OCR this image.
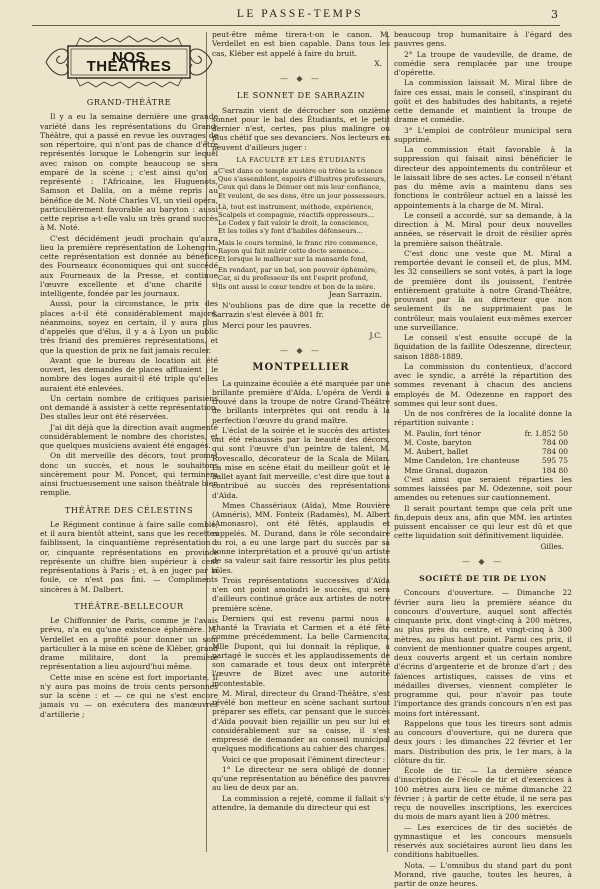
LE PASSE-TEMPS	3
NOS THÉÂTRES
GRAND-THÉÂTRE

Il y a eu la semaine dernière une grande variété dans les représentations du Grand-Théâtre, qui a passé en revue les ouvrages de son répertoire, qui n'ont pas de chance d'être représentés lorsque le Lohengrin sur lequel avec raison on compte beaucoup se sera emparé de la scène ; c'est ainsi qu'on a représenté : l'Africaine, les Huguenots, Samson et Dalila, on a même repris au bénéfice de M. Noté Charles VI, un vieil opéra, particulièrement favorable au baryton : aussi cette reprise a-t-elle valu un très grand succès à M. Noté.

C'est décidément jeudi prochain qu'aura lieu la première représentation de Lohengrin, cette représentation est donnée au bénéfice des Fourneaux économiques qui ont succédé aux Fourneaux de la Presse, et continue l'œuvre excellente et d'une charité si intelligente, fondée par les journaux.

Aussi, pour la circonstance, le prix des places a-t-il été considérablement majoré, néanmoins, soyez en certain, il y aura plus d'appelés que d'élus, il y a à Lyon un public très friand des premières représentations, et que la question de prix ne fait jamais reculer.

Avant que le bureau de location ait été ouvert, les demandes de places affluaient ; le nombre des loges aurait-il été triple qu'elles auraient été enlevées.

Un certain nombre de critiques parisiens ont demandé à assister à cette représentation. Des stalles leur ont été réservées.

J'ai dit déjà que la direction avait augmenté considérablement le nombre des choristes, et que quelques musiciens avaient été engagés.

On dit merveille des décors, tout promet donc un succès, et nous le souhaitons sincèrement pour M. Poncet, qui terminera ainsi fructueusement une saison théâtrale bien remplie.

THÉÂTRE DES CÉLESTINS

Le Régiment continue à faire salle comble, et il aura bientôt atteint, sans que les recettes faiblissent, la cinquantième représentation : or, cinquante représentations en province représente un chiffre bien supérieur à cent représentations à Paris ; et, à en juger par la foule, ce n'est pas fini. — Compliments sincères à M. Dalbert.

THÉÂTRE-BELLECOUR

Le Chiffonnier de Paris, comme je l'avais prévu, n'a eu qu'une existence éphémère. M. Verdellet en a profité pour donner un soin particulier à la mise en scène de Kléber, grand drame militaire, dont la première représentation a lieu aujourd'hui même.

Cette mise en scène est fort importante. Il n'y aura pas moins de trois cents personnes sur la scène : et — ce qui ne s'est encore jamais vu — on exécutera des manœuvres d'artillerie ;

peut-être même tirera-t-on le canon. M. Verdellet en est bien capable. Dans tous les cas, Kléber est appelé à faire du bruit.

X.
— ◆ —
LE SONNET DE SARRAZIN

Sarrazin vient de décrocher son onzième sonnet pour le bal des Étudiants, et le petit dernier n'est, certes, pas plus malingre ou plus chétif que ses devanciers. Nos lecteurs en peuvent d'ailleurs juger :

LA FACULTÉ ET LES ÉTUDIANTS
C'est dans ce temple austère où trône la science
Que s'assemblent, espoirs d'illustres professeurs,
Ceux qui dans le Dénuer ont mis leur confiance,
Et veulent, de ses dons, être un jour possesseurs.
Là, tout est instrument, méthode, expérience,
Scalpels et compagnie, réactifs oppresseurs...
Le Codex y fait valoir le droit, la conscience,
Et les toiles s'y font d'habiles défenseurs...
Mais le cours terminé, le franc rire commence,
Rayon qui fait mûrir cette docte semence...
Et lorsque le malheur sur la mansarde fond,
En rendant, par un bal, son pouvoir éphémère,
Car, si du professeur ils ont l'esprit profond,
Ils ont aussi le cœur tendre et bon de la mère.
Jean Sarrazin.

N'oublions pas de dire que la recette de Sarrazin s'est élevée à 801 fr.

Merci pour les pauvres.

J.C.
— ◆ —
MONTPELLIER

La quinzaine écoulée a été marquée par une brillante première d'Aïda. L'opéra de Verdi a trouvé dans la troupe de notre Grand-Théâtre de brillants interprètes qui ont rendu à la perfection l'œuvre du grand maître.

L'éclat de la soirée et le succès des artistes ont été rehaussés par la beauté des décors, qui sont l'œuvre d'un peintre de talent, M. Rovescallo, décorateur de la Scala de Milan. La mise en scène était du meilleur goût et le ballet ayant fait merveille, c'est dire que tout a contribué au succès des représentations d'Aïda.

Mmes Chassériaux (Aïda), Mme Rouvière (Amnéris), MM. Fonteix (Radamès), M. Albert (Amonasro), ont été fêtés, applaudis et rappelés. M. Durand, dans le rôle secondaire du roi, a eu une large part du succès par sa bonne interprétation et a prouvé qu'un artiste de sa valeur sait faire ressortir les plus petits rôles.

Trois représentations successives d'Aïda n'en ont point amoindri le succès, qui sera d'ailleurs continué grâce aux artistes de notre première scène.

Derniers qui est revenu parmi nous a chanté la Traviata et Carmen et a été fêté comme précédemment. La belle Carmencita, Mlle Dupont, qui lui donnait la réplique, a partagé le succès et les applaudissements de son camarade et tous deux ont interprété l'œuvre de Bizet avec une autorité incontestable.

M. Miral, directeur du Grand-Théâtre, s'est révélé bon metteur en scène sachant surtout préparer ses effets, car pensant que le succès d'Aïda pouvait bien rejaillir un peu sur lui et considérablement sur sa caisse, il s'est empressé de demander au conseil municipal quelques modifications au cahier des charges.

Voici ce que proposait l'éminent directeur :

1° Le directeur ne sera obligé de donner qu'une représentation au bénéfice des pauvres au lieu de deux par an.

La commission a rejeté, comme il fallait s'y attendre, la demande du directeur qui est

beaucoup trop humanitaire à l'égard des pauvres gens.

2° La troupe de vaudeville, de drame, de comédie sera remplacée par une troupe d'opérette.

La commission laissait M. Miral libre de faire ces essai, mais le conseil, s'inspirant du goût et des habitudes des habitants, a rejeté cette demande et maintient la troupe de drame et comédie.

3° L'emploi de contrôleur municipal sera supprimé.

La commission était favorable à la suppression qui faisait ainsi bénéficier le directeur des appointements du contrôleur et le laissait libre de ses actes. Le conseil n'étant pas du même avis a maintenu dans ses fonctions le contrôleur actuel en a laissé les appointements à la charge de M. Miral.

Le conseil a accordé, sur sa demande, à la direction à M. Miral pour deux nouvelles années, se réservait le droit de résilier après la première saison théâtrale.

C'est donc une veste que M. Miral a remportée devant le conseil et, de plus, MM. les 32 conseillers se sont votés, à part la loge de première dont ils jouissent, l'entrée entièrement gratuite à notre Grand-Théâtre, prouvant par là au directeur que non seulement ils ne supprimaient pas le contrôleur, mais voulaient eux-mêmes exercer une surveillance.

Le conseil s'est ensuite occupé de la liquidation de la faillite Odeszenne, directeur, saison 1888-1889.

La commission du contentieux, d'accord avec le syndic, a arrêté la répartition des sommes revenant à chacun des anciens employés de M. Odezenne en rapport des sommes qui leur sont dues.

Un de nos confrères de la localité donne la répartition suivante :

M. Paulin, fort ténor	fr. 1.852 50
M. Coste, baryton	784 00
M. Aubert, ballet	784 00
Mme Candelon, 1re chanteuse	595 75
Mme Granal, dugazon	184 80

C'est ainsi que seraient réparties les sommes laissées par M. Odezenne, soit pour amendes ou retenues sur cautionnement.

Il serait pourtant temps que cela prît une fin,depuis deux ans, afin que MM. les artistes puissent encaisser ce qui leur est dû et que cette liquidation soit définitivement liquidée.

Gilles.
— ◆ —
SOCIÉTÉ DE TIR DE LYON

Concours d'ouverture. — Dimanche 22 février aura lieu la première séance du concours d'ouverture, auquel sont affectés cinquante prix, dont vingt-cinq à 200 mètres, au plus près du centre, et vingt-cinq à 300 mètres, au plus haut point. Parmi ces prix, il convient de mentionner quatre coupes argent, deux couverts argent et un certain nombre d'écrins d'argenterie et de bronze d'art ; des faïences artistiques, caisses de vins et médailles diverses, viennent compléter le programme qui, pour n'avoir pas toute l'importance des grands concours n'en est pas moins fort intéressant.

Rappelons que tous les tireurs sont admis au concours d'ouverture, qui ne durera que deux jours : les dimanches 22 février et 1er mars. Distribution des prix, le 1er mars, à la clôture du tir.

École de tir. — La dernière séance d'inscription de l'école de tir et d'exercices à 100 mètres aura lieu ce même dimanche 22 février ; à partir de cette étude, il ne sera pas reçu de nouvelles inscriptions, les exercices du mois de mars ayant lieu à 200 mètres.

— Les exercices de tir des sociétés de gymnastique et les concours mensuels réservés aux sociétaires auront lieu dans les conditions habituelles.

Nota. — L'omnibus du stand part du pont Morand, rive gauche, toutes les heures, à partir de onze heures.
